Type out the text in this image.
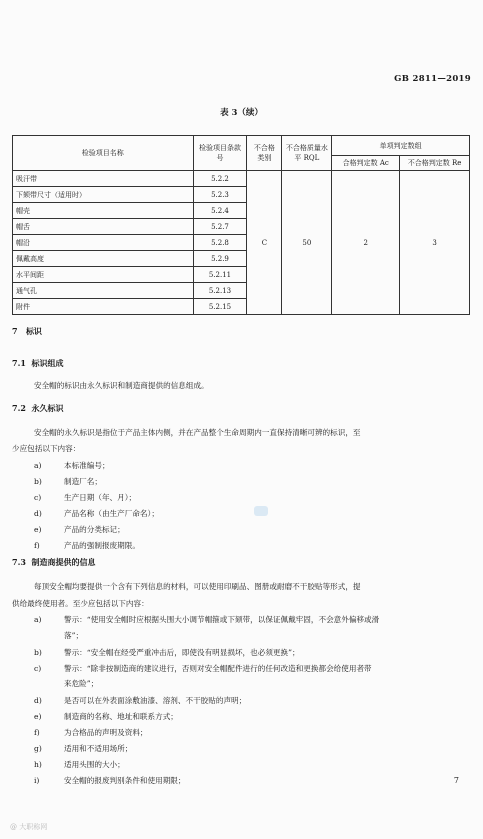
GB 2811—2019
表 3（续）
检验项目名称	检验项目条款号	不合格类别	不合格质量水平 RQL	单项判定数组	
				合格判定数 Ac	不合格判定数 Re
吸汗带	5.2.2	C	50	2	3
下颏带尺寸（适用时）	5.2.3				
帽壳	5.2.4				
帽舌	5.2.7				
帽沿	5.2.8				
佩戴高度	5.2.9				
水平间距	5.2.11				
通气孔	5.2.13				
附件	5.2.15				
7 标识
7.1 标识组成
安全帽的标识由永久标识和制造商提供的信息组成。
7.2 永久标识
安全帽的永久标识是指位于产品主体内侧，并在产品整个生命周期内一直保持清晰可辨的标识，至
少应包括以下内容：
a)	本标准编号；
b)	制造厂名；
c)	生产日期（年、月）；
d)	产品名称（由生产厂命名）；
e)	产品的分类标记；
f)	产品的强制报废期限。
7.3 制造商提供的信息
每顶安全帽均要提供一个含有下列信息的材料，可以使用印刷品、图册或耐磨不干胶贴等形式，提
供给最终使用者。至少应包括以下内容：
a)	警示：“使用安全帽时应根据头围大小调节帽箍或下颏带，以保证佩戴牢固，不会意外偏移或滑
落”；
b)	警示：“安全帽在经受严重冲击后，即使没有明显损坏，也必须更换”；
c)	警示：“除非按制造商的建议进行，否则对安全帽配件进行的任何改造和更换都会给使用者带
来危险”；
d)	是否可以在外表面涂敷油漆、溶剂、不干胶贴的声明；
e)	制造商的名称、地址和联系方式；
f)	为合格品的声明及资料；
g)	适用和不适用场所；
h)	适用头围的大小；
i)	安全帽的报废判别条件和使用期限；	7
@ 大职称网
